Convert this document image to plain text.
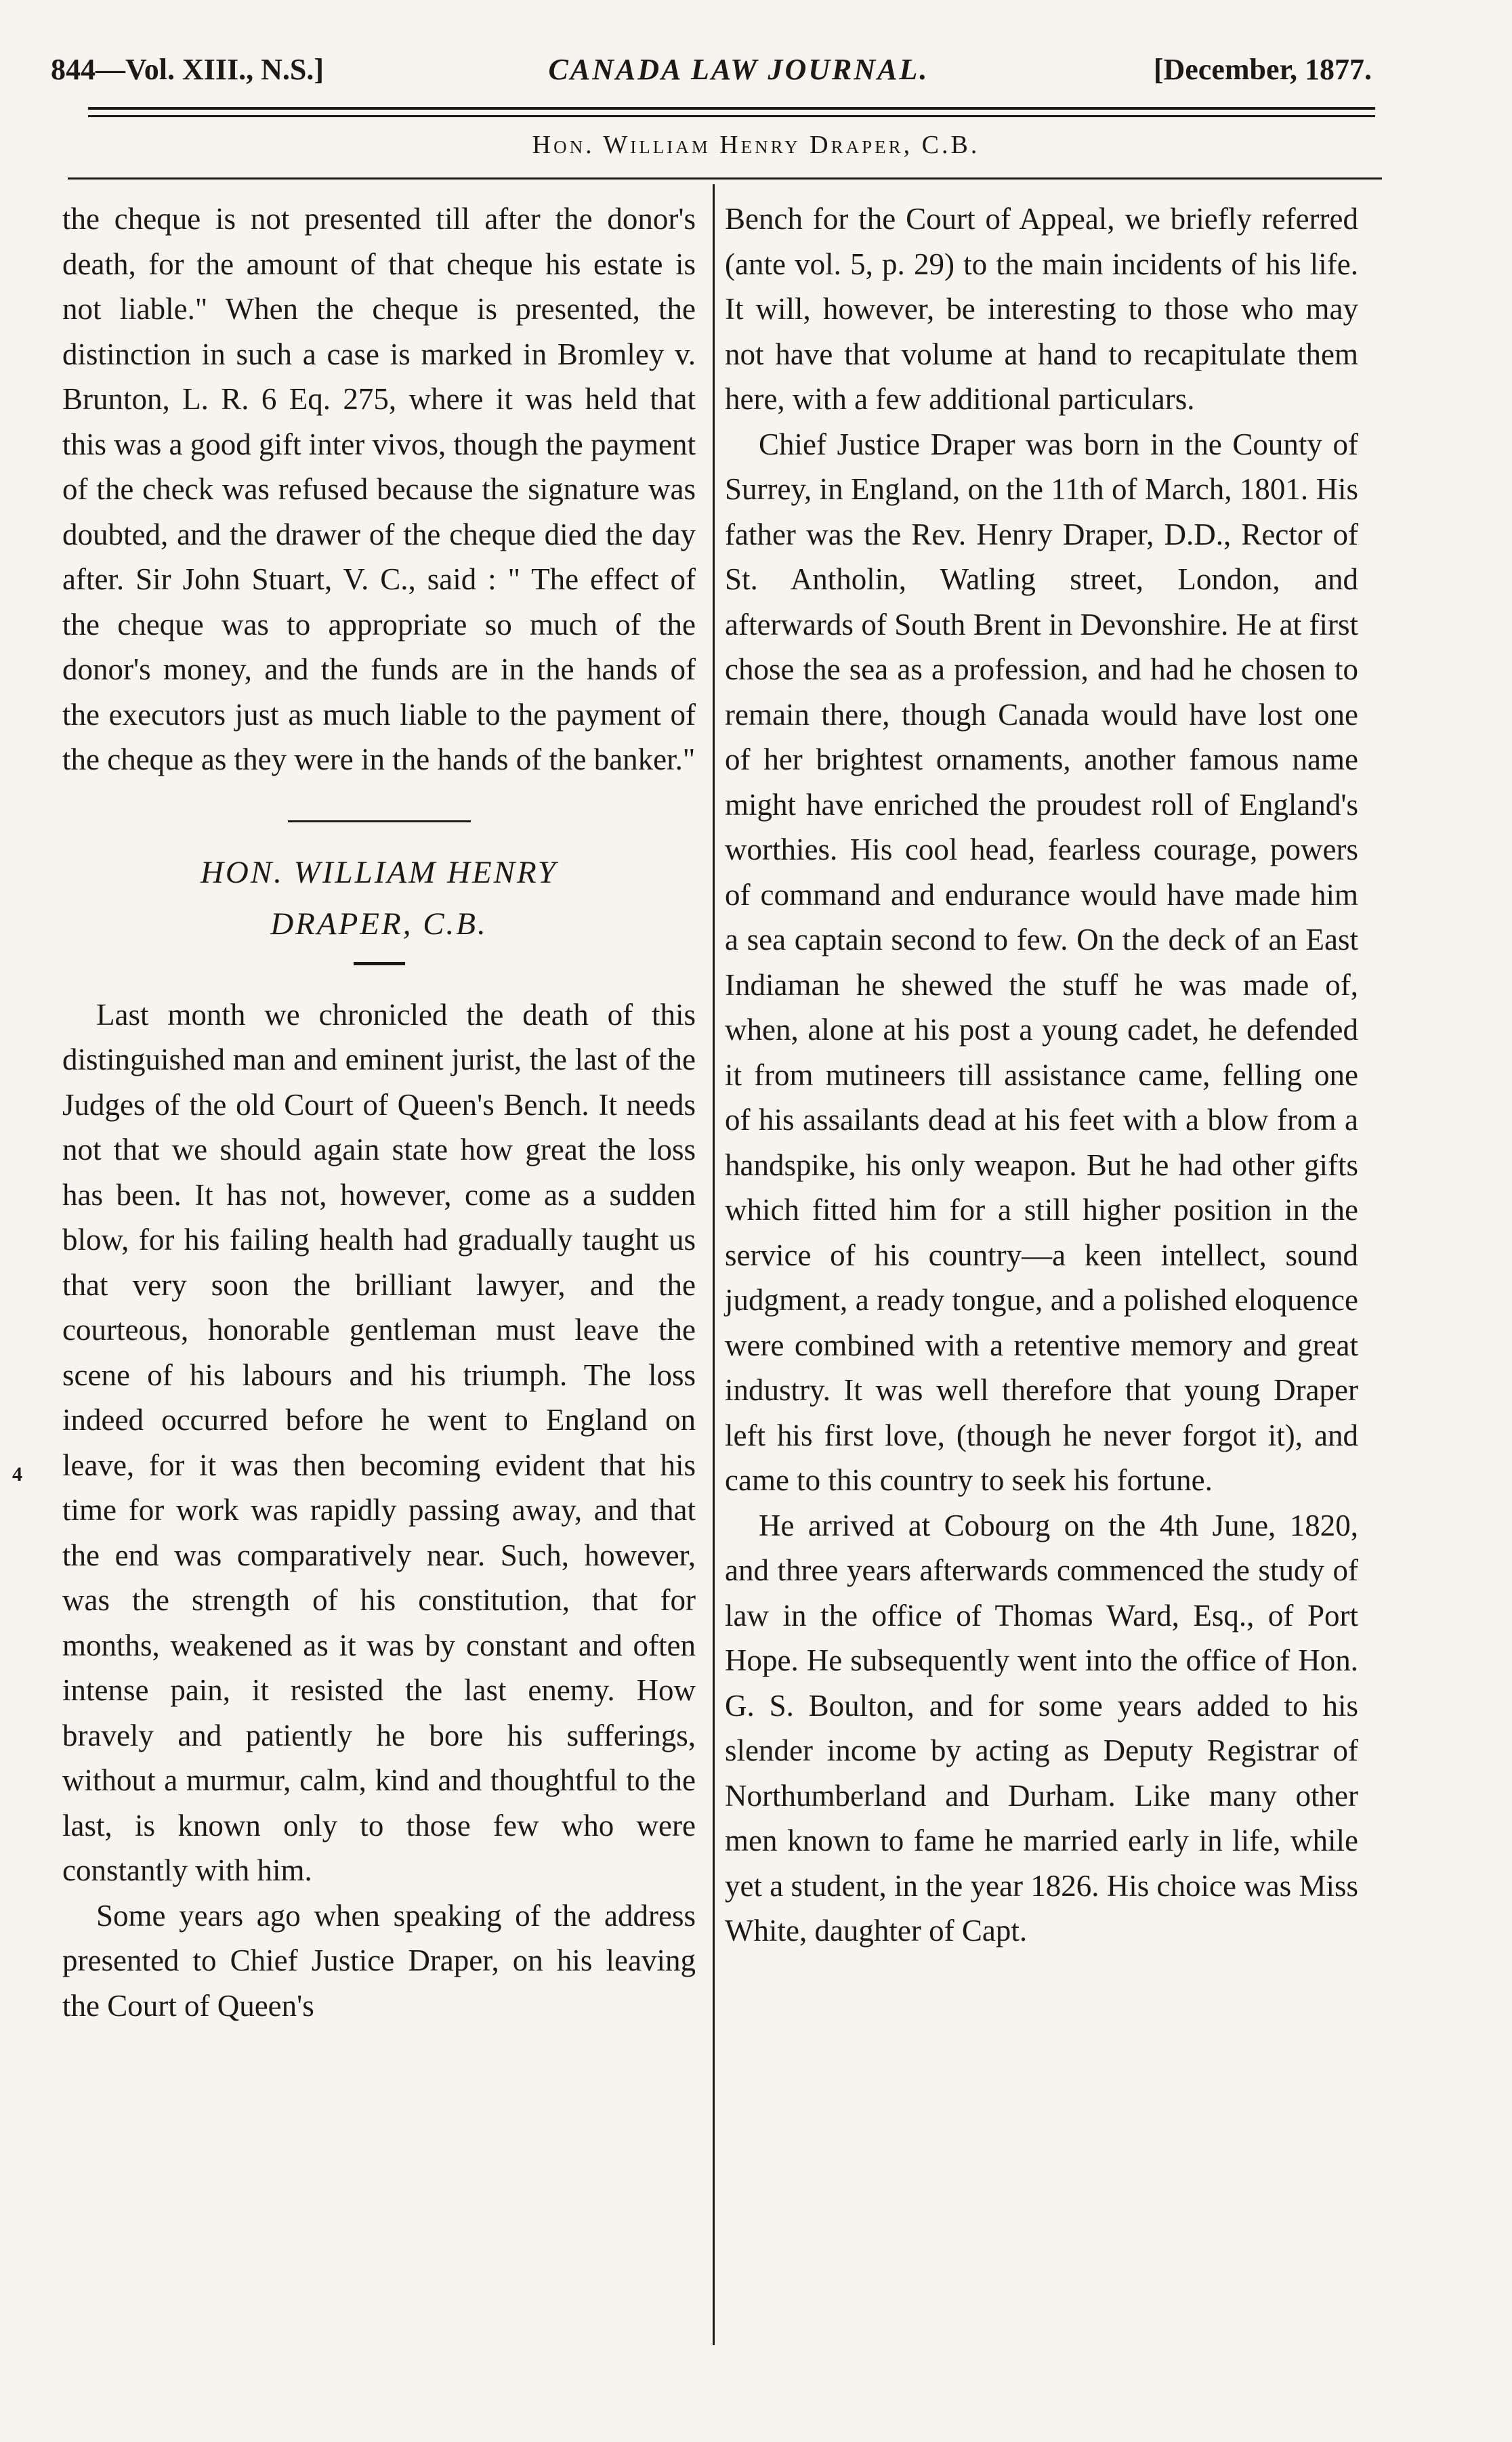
844—Vol. XIII., N.S.]	CANADA LAW JOURNAL.	[December, 1877.
Hon. William Henry Draper, C.B.
4

the cheque is not presented till after the donor's death, for the amount of that cheque his estate is not liable." When the cheque is presented, the distinction in such a case is marked in Bromley v. Brunton, L. R. 6 Eq. 275, where it was held that this was a good gift inter vivos, though the payment of the check was refused because the signature was doubted, and the drawer of the cheque died the day after. Sir John Stuart, V. C., said : " The effect of the cheque was to appropriate so much of the donor's money, and the funds are in the hands of the executors just as much liable to the payment of the cheque as they were in the hands of the banker."

HON. WILLIAM HENRY
DRAPER, C.B.

Last month we chronicled the death of this distinguished man and eminent jurist, the last of the Judges of the old Court of Queen's Bench. It needs not that we should again state how great the loss has been. It has not, however, come as a sudden blow, for his failing health had gradually taught us that very soon the brilliant lawyer, and the courteous, honorable gentleman must leave the scene of his labours and his triumph. The loss indeed occurred before he went to England on leave, for it was then becoming evident that his time for work was rapidly passing away, and that the end was comparatively near. Such, however, was the strength of his constitution, that for months, weakened as it was by constant and often intense pain, it resisted the last enemy. How bravely and patiently he bore his sufferings, without a murmur, calm, kind and thoughtful to the last, is known only to those few who were constantly with him.

Some years ago when speaking of the address presented to Chief Justice Draper, on his leaving the Court of Queen's

Bench for the Court of Appeal, we briefly referred (ante vol. 5, p. 29) to the main incidents of his life. It will, however, be interesting to those who may not have that volume at hand to recapitulate them here, with a few additional particulars.

Chief Justice Draper was born in the County of Surrey, in England, on the 11th of March, 1801. His father was the Rev. Henry Draper, D.D., Rector of St. Antholin, Watling street, London, and afterwards of South Brent in Devonshire. He at first chose the sea as a profession, and had he chosen to remain there, though Canada would have lost one of her brightest ornaments, another famous name might have enriched the proudest roll of England's worthies. His cool head, fearless courage, powers of command and endurance would have made him a sea captain second to few. On the deck of an East Indiaman he shewed the stuff he was made of, when, alone at his post a young cadet, he defended it from mutineers till assistance came, felling one of his assailants dead at his feet with a blow from a handspike, his only weapon. But he had other gifts which fitted him for a still higher position in the service of his country—a keen intellect, sound judgment, a ready tongue, and a polished eloquence were combined with a retentive memory and great industry. It was well therefore that young Draper left his first love, (though he never forgot it), and came to this country to seek his fortune.

He arrived at Cobourg on the 4th June, 1820, and three years afterwards commenced the study of law in the office of Thomas Ward, Esq., of Port Hope. He subsequently went into the office of Hon. G. S. Boulton, and for some years added to his slender income by acting as Deputy Registrar of Northumberland and Durham. Like many other men known to fame he married early in life, while yet a student, in the year 1826. His choice was Miss White, daughter of Capt.
